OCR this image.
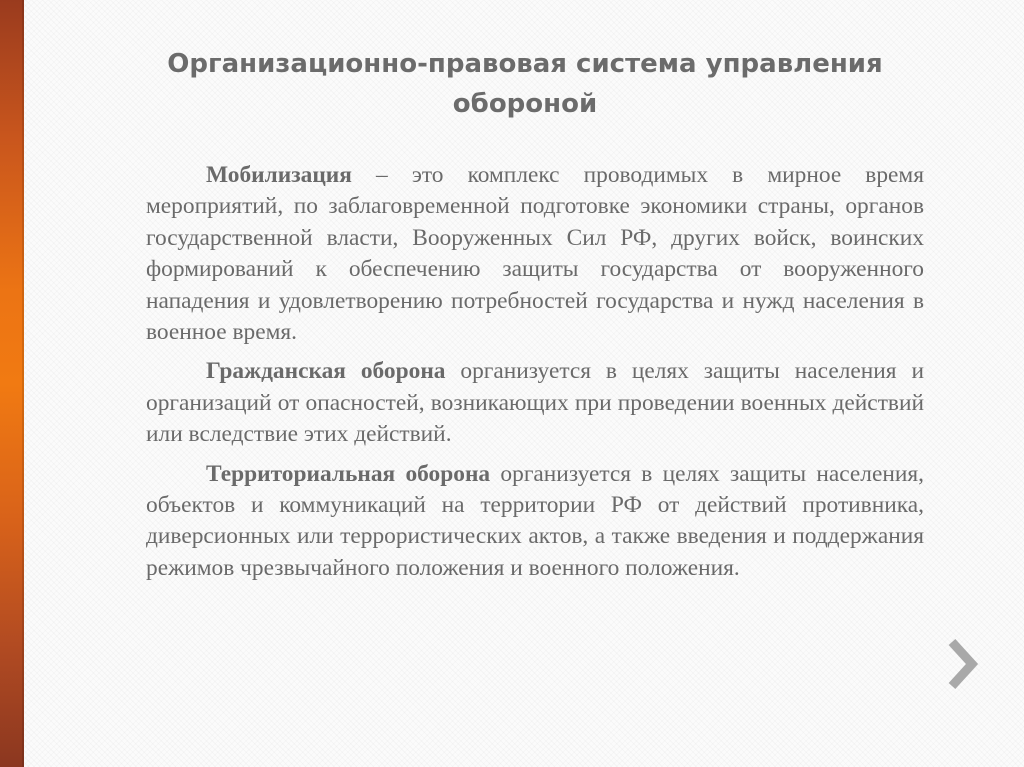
Организационно-правовая система управления обороной

Мобилизация – это комплекс проводимых в мирное время мероприятий, по заблаговременной подготовке экономики страны, органов государственной власти, Вооруженных Сил РФ, других войск, воинских формирований к обеспечению защиты государства от вооруженного нападения и удовлетворению потребностей государства и нужд населения в военное время.

Гражданская оборона организуется в целях защиты населения и организаций от опасностей, возникающих при проведении военных действий или вследствие этих действий.

Территориальная оборона организуется в целях защиты населения, объектов и коммуникаций на территории РФ от действий противника, диверсионных или террористических актов, а также введения и поддержания режимов чрезвычайного положения и военного положения.
